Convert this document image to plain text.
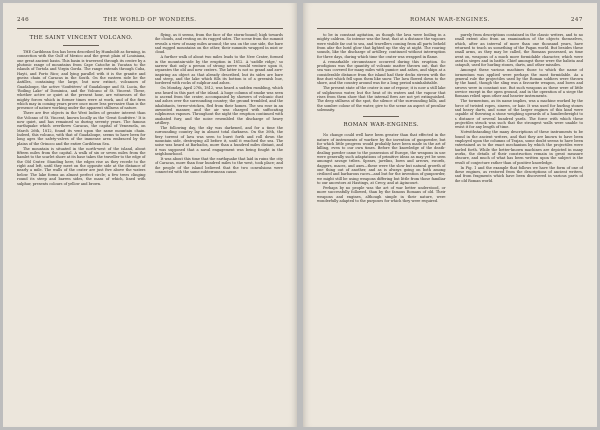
246	THE WORLD OF WONDERS.
THE SAINT VINCENT VOLCANO.

THE Caribbean Sea has been described by Humboldt as forming, in connection with the Gulf of Mexico and the great plain of Louisiana, one great ancient basin. This basin is traversed through its centre by a plutonic range of mountains from Cape Catoche in Yucatan to the islands of Tortola and Virgin Gorda. The range extends through Cuba, Hayti, and Porto Rico; and lying parallel with it is the granite and gneiss chain of Caracas in the South. On the eastern side lie the Antilles, containing the large, but now extinct, volcanoes of Guadaloupe, the active 'Soufrières' of Guadaloupe and St. Lucia, the 'Boiling Lake' of Dominica, and the Volcano of St. Vincent. These, whether active or quiet at the present hour, are witnesses of the mighty forces which in former times were at work, and of the fires which may in coming years prove once more less pervasive than is the presence of nature working under the apparent stillness of nature.

There are five objects in the West Indies of greater interest than the Volcano of St. Vincent, known locally as the 'Great Soufrière.' It is now quiet, and has remained so during seventy years. The famous earthquake which overthrew Caracas, the capital of Venezuela, on March 26th, 1812, found its vent upon the same mountain chain. Indeed, this volcano, with that of Guadaloupe, seems to have been for long ages the safety-valves of the immense area embraced by the plains of the Orinoco and the entire Caribbean Sea.

The mountain is situated in the north-west of the island, about fifteen miles from the capital. A walk of six or seven miles from the hamlet to the scarlet shore at its base takes the traveller to the edge of the Old Crater. Standing here, the edges rise as they recede to the right and left, until they meet on the opposite side at the distance of nearly a mile. The walls of the crater are just five above the waters below. The lake forms an almost perfect circle; a few trees clinging round its steep and barren sides, the mass of which, lined with sulphur, presents colours of yellow and brown.

flying, as it seems, from the face of the storm-bound; high towards the clouds, and resting on its rugged sides. The scene from the summit reveals a view of many miles around; the sea on the one side, the bare and rugged mountains on the other, their summits wrapped in mist or cloud.

A further walk of about two miles leads to the New Crater, formed in the mountain-side by the eruption in 1812. A 'saddle ridge,' so narrow that only a person of strong nerve would venture upon it, separates the old and new craters. The latter is not so grand and awe-inspiring an object as that already described, but its sides are bare and steep, and the lake which fills its bottom is of a greenish hue, bordered with rocks of sulphur and ashes.

On Monday, April 27th, 1812, was heard a sudden rumbling, which was heard in this part of the island. A huge column of smoke was seen to ascend from the crater, accompanied by showers of volcanic dust and ashes over the surrounding country; the ground trembled, and the inhabitants, terror-stricken, fled from their homes. The sea rose in an unwonted manner, and the air was charged with suffocating sulphurous vapours. Throughout the night the eruption continued with unabated fury, and the noise resembled the discharge of heavy artillery.

The following day, the sky was darkened, and for a time the surrounding country lay in almost total darkness. On the 30th, the fiery torrent of lava was seen to burst forth and roll down the mountain side, destroying all before it, until it reached the sea. The noise was heard at Barbados, more than a hundred miles distant, and it was supposed that a naval engagement was being fought in the neighbourhood.

It was about this time that the earthquake that laid in ruins the city of Caracas, more than four hundred miles to the west, took place; and the people of the island believed that the two convulsions were connected with the same subterranean cause.

ROMAN WAR-ENGINES.	247

to be in constant agitation, as though the lava were boiling in a mighty caldron. So intense was the heat, that at a distance the vapours were visible far out to sea, and travellers coming from all parts beheld from afar the lurid glow that lighted up the sky at night. The roaring sounds, like the discharge of artillery, continued without interruption for three days, during which time the crater was wrapped in flame.

A remarkable circumstance occurred during this eruption. So prodigious was the quantity of volcanic matter thrown out, that the sea was covered for many miles with pumice and ashes, and ships at a considerable distance from the island had their decks strewn with the fine dust which fell upon them like snow. The lava flowed down to the shore, and the country around was for a long period uninhabitable.

The present state of the crater is one of repose; it is now a still lake of sulphurous water, but the heat of its waters and the vapour that rises from them show that the internal fires are not yet extinguished. The deep stillness of the spot, the silence of the surrounding hills, and the sombre colour of the water, give to the scene an aspect of peculiar solemnity.

ROMAN WAR-ENGINES.

No change could well have been greater than that effected in the nature of instruments of warfare by the invention of gunpowder, but for which little progress would probably have been made in the art of killing, even to our own times. Before the knowledge of the death-dealing powder came to the possession of Europe, the weapons in use were generally such adaptations of primitive ideas as may yet be seen amongst savage tribes. Spears, javelins, bows and arrows, swords, daggers, maces, and axes—these were the slow but natural growth of one thing out of another, and as is always going on both among civilised and barbarous races—and but for the invention of gunpowder, we might still be using weapons differing but little from those familiar to our ancestors at Hastings, at Crecy, and at Agincourt.

Perhaps by no people was the art of war better understood, or more successfully followed, than by the famous Romans of old. Their weapons and engines, although simple in their nature, were wonderfully adapted to the purposes for which they were required.

purely from descriptions contained in the classic writers, and to no small extent also from an examination of the objects themselves, which, after an interval of more than one thousand years, have returned to teach us something of the Pagan world. But besides these small arms, as they may be called, the Romans possessed, as time went on, weapons of a much more formidable character, which were used in sieges and in battle. Chief amongst these were the balista and catapult, used for hurling stones, darts, and other missiles.

Amongst these various machines those to which the name of tormentum was applied were perhaps the most formidable. As a general rule the projectiles used by the Roman soldiers were thrown by the hand, though the sling was a favourite weapon, and bows and arrows were in constant use. But such weapons as these were of little service except in the open ground, and in the operation of a siege the Romans relied upon other and heavier instruments.

The tormentum, as its name implies, was a machine worked by the force of twisted ropes, sinews, or hair. It was used for hurling stones and heavy darts, and some of the larger engines of this kind were capable of throwing a stone weighing upwards of a hundredweight to a distance of several hundred yards. The force with which these projectiles struck was such that the strongest walls were unable to resist it for any length of time.

Notwithstanding the many descriptions of these instruments to be found in the ancient writers, and that they are known to have been employed upon the columns of Trajan, some doubt seems to have been entertained as to the exact mechanism by which the projectiles were hurled forth. While the better-known machines are depicted in many works, the details of their construction remain in great measure obscure, and much of what has been written upon the subject is the result of conjecture rather than of positive knowledge.

In Fig. 1 and the example that follows we have the form of one of these engines, as restored from the descriptions of ancient writers, and from fragments which have been discovered in various parts of the old Roman world.
